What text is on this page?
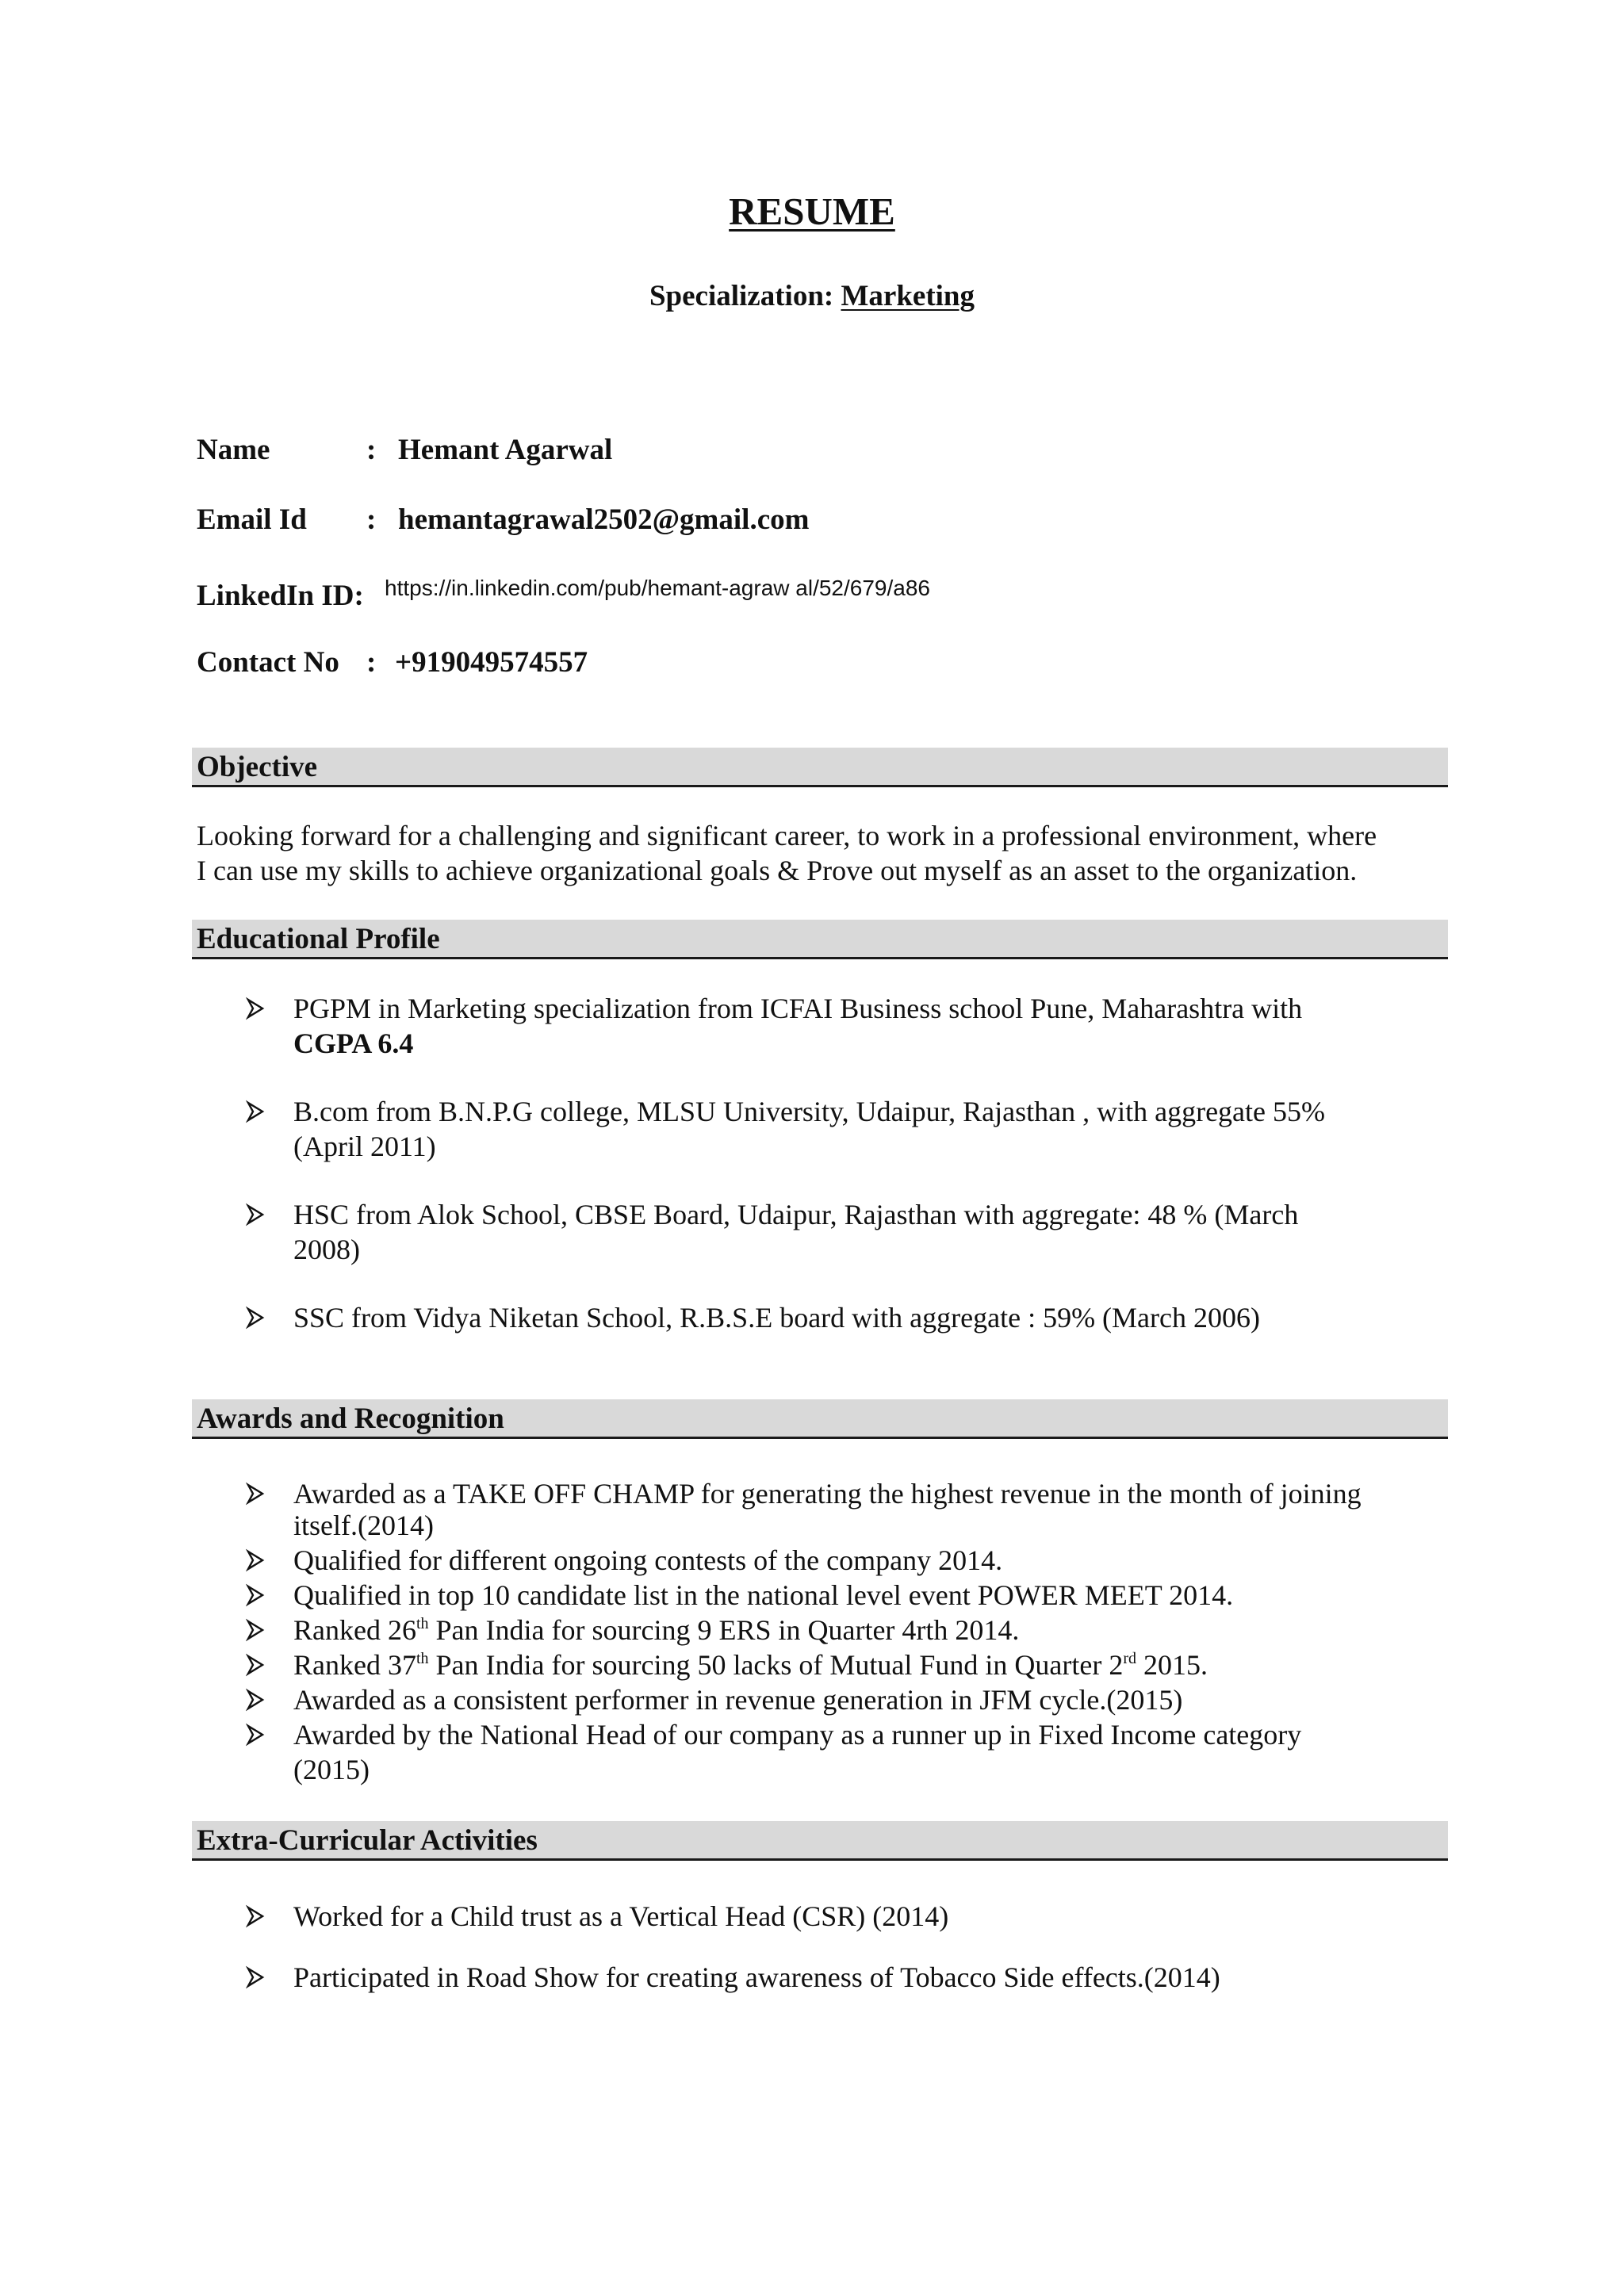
RESUME
Specialization: Marketing
Name	: Hemant Agarwal
Email Id : hemantagrawal2502@gmail.com
LinkedIn ID: https://in.linkedin.com/pub/hemant-agraw al/52/679/a86
Contact No : +919049574557
Objective
Looking forward for a challenging and significant career, to work in a professional environment, where
I can use my skills to achieve organizational goals & Prove out myself as an asset to the organization.
Educational Profile
PGPM in Marketing specialization from ICFAI Business school Pune, Maharashtra with
CGPA 6.4
B.com from B.N.P.G college, MLSU University, Udaipur, Rajasthan , with aggregate 55%
(April 2011)
HSC from Alok School, CBSE Board, Udaipur, Rajasthan with aggregate: 48 % (March
2008)
SSC from Vidya Niketan School, R.B.S.E board with aggregate : 59% (March 2006)
Awards and Recognition
Awarded as a TAKE OFF CHAMP for generating the highest revenue in the month of joining
itself.(2014)
Qualified for different ongoing contests of the company 2014.
Qualified in top 10 candidate list in the national level event POWER MEET 2014.
Ranked 26th Pan India for sourcing 9 ERS in Quarter 4rth 2014.
Ranked 37th Pan India for sourcing 50 lacks of Mutual Fund in Quarter 2rd 2015.
Awarded as a consistent performer in revenue generation in JFM cycle.(2015)
Awarded by the National Head of our company as a runner up in Fixed Income category
(2015)
Extra-Curricular Activities
Worked for a Child trust as a Vertical Head (CSR) (2014)
Participated in Road Show for creating awareness of Tobacco Side effects.(2014)
